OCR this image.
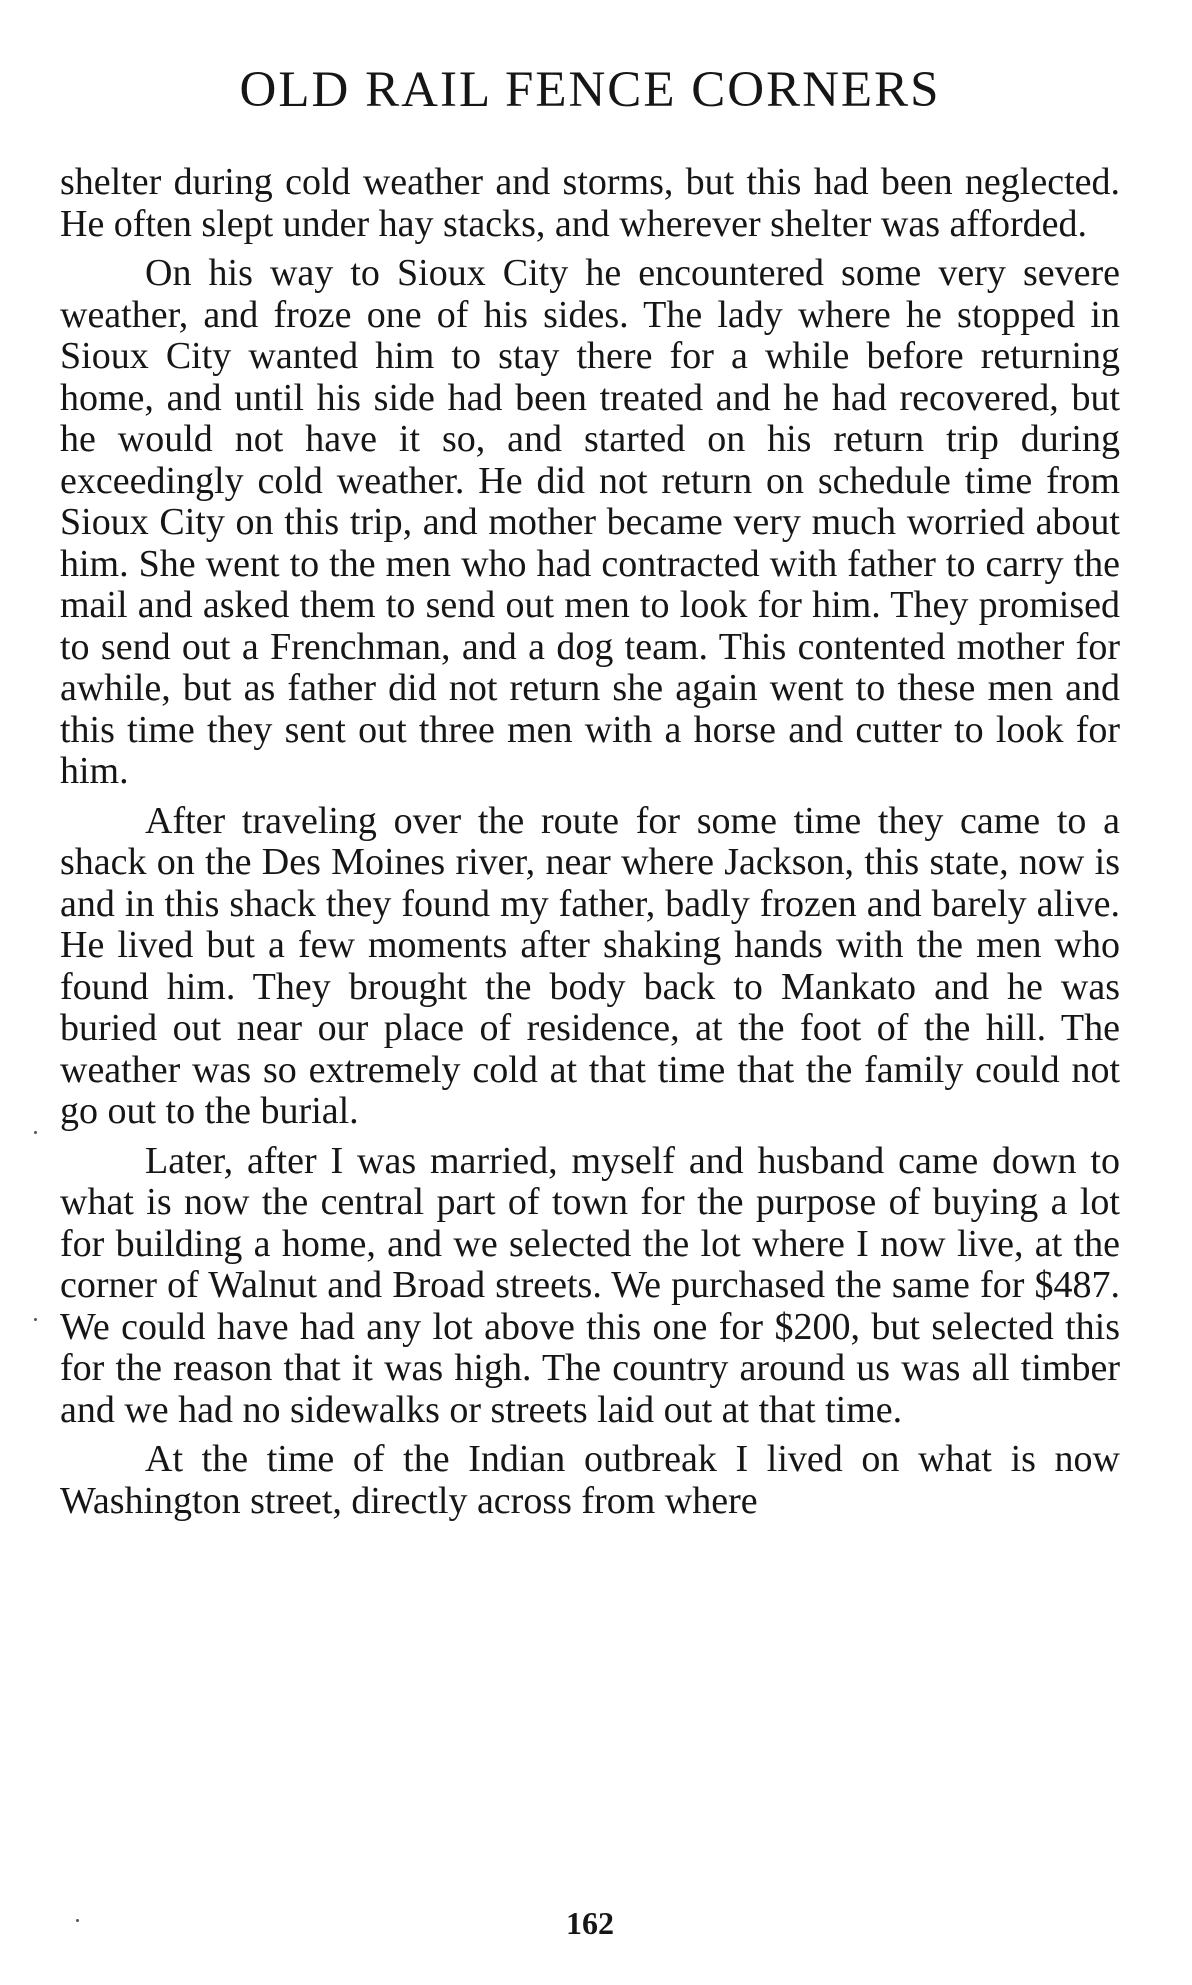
OLD RAIL FENCE CORNERS

shelter during cold weather and storms, but this had been neglected. He often slept under hay stacks, and wherever shelter was afforded.

On his way to Sioux City he encountered some very severe weather, and froze one of his sides. The lady where he stopped in Sioux City wanted him to stay there for a while before returning home, and until his side had been treated and he had recovered, but he would not have it so, and started on his return trip during exceedingly cold weather. He did not return on schedule time from Sioux City on this trip, and mother became very much worried about him. She went to the men who had contracted with father to carry the mail and asked them to send out men to look for him. They promised to send out a Frenchman, and a dog team. This contented mother for awhile, but as father did not return she again went to these men and this time they sent out three men with a horse and cutter to look for him.

After traveling over the route for some time they came to a shack on the Des Moines river, near where Jackson, this state, now is and in this shack they found my father, badly frozen and barely alive. He lived but a few moments after shaking hands with the men who found him. They brought the body back to Mankato and he was buried out near our place of residence, at the foot of the hill. The weather was so extremely cold at that time that the family could not go out to the burial.

Later, after I was married, myself and husband came down to what is now the central part of town for the purpose of buying a lot for building a home, and we selected the lot where I now live, at the corner of Walnut and Broad streets. We purchased the same for $487. We could have had any lot above this one for $200, but selected this for the reason that it was high. The country around us was all timber and we had no sidewalks or streets laid out at that time.

At the time of the Indian outbreak I lived on what is now Washington street, directly across from where

162
